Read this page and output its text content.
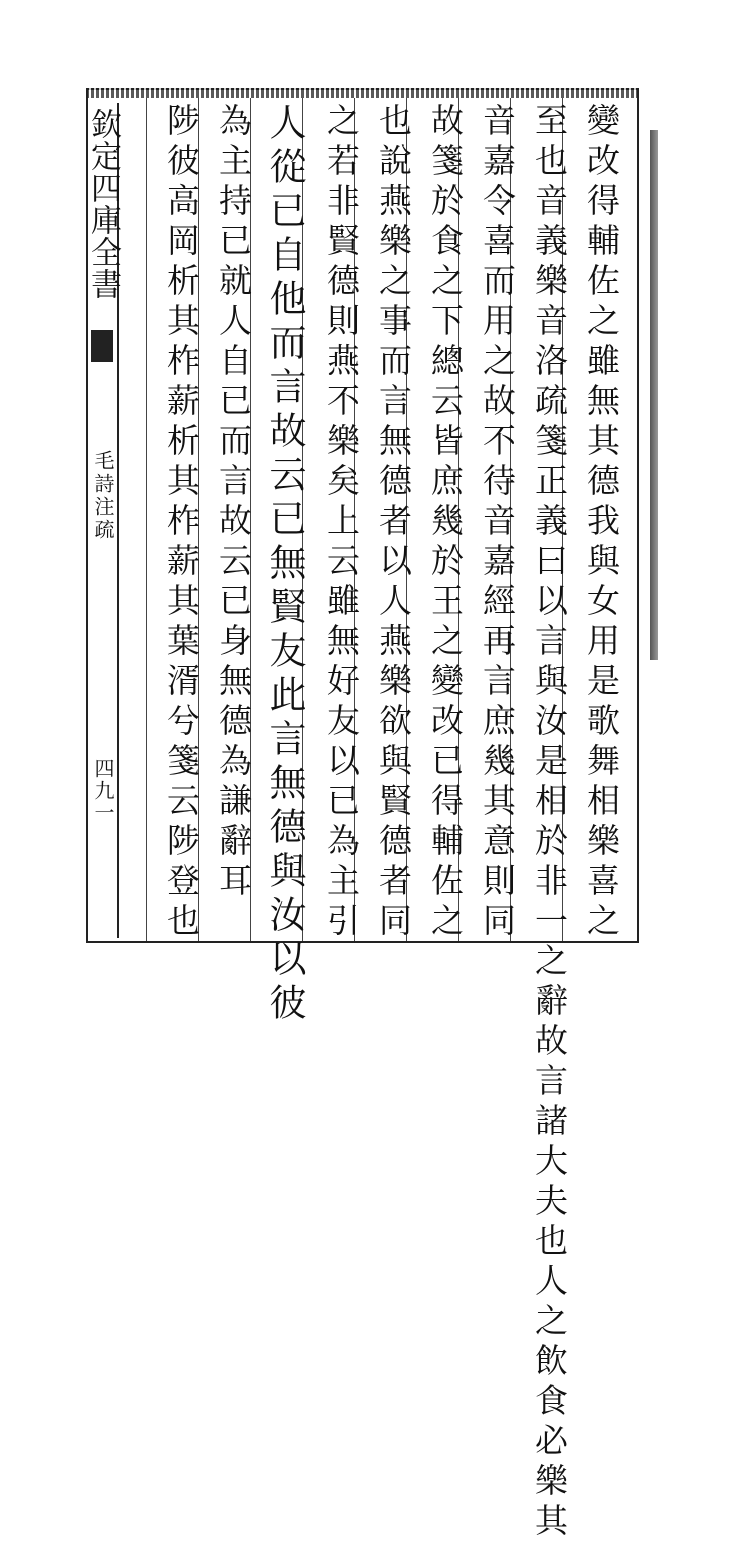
欽定四庫全書
毛詩注疏
四九一	變改得輔佐之雖無其德我與女用是歌舞相樂喜之
至也音義樂音洛疏箋正義曰以言與汝是相於非一之辭故言諸大夫也人之飲食必樂其
音嘉令喜而用之故不待音嘉經再言庶幾其意則同
故箋於食之下總云皆庶幾於王之變改已得輔佐之
也說燕樂之事而言無德者以人燕樂欲與賢德者同
之若非賢德則燕不樂矣上云雖無好友以已為主引
人從已自他而言故云已無賢友此言無德與汝以彼
為主持已就人自已而言故云已身無德為謙辭耳
陟彼高岡析其柞薪析其柞薪其葉湑兮箋云陟登也
